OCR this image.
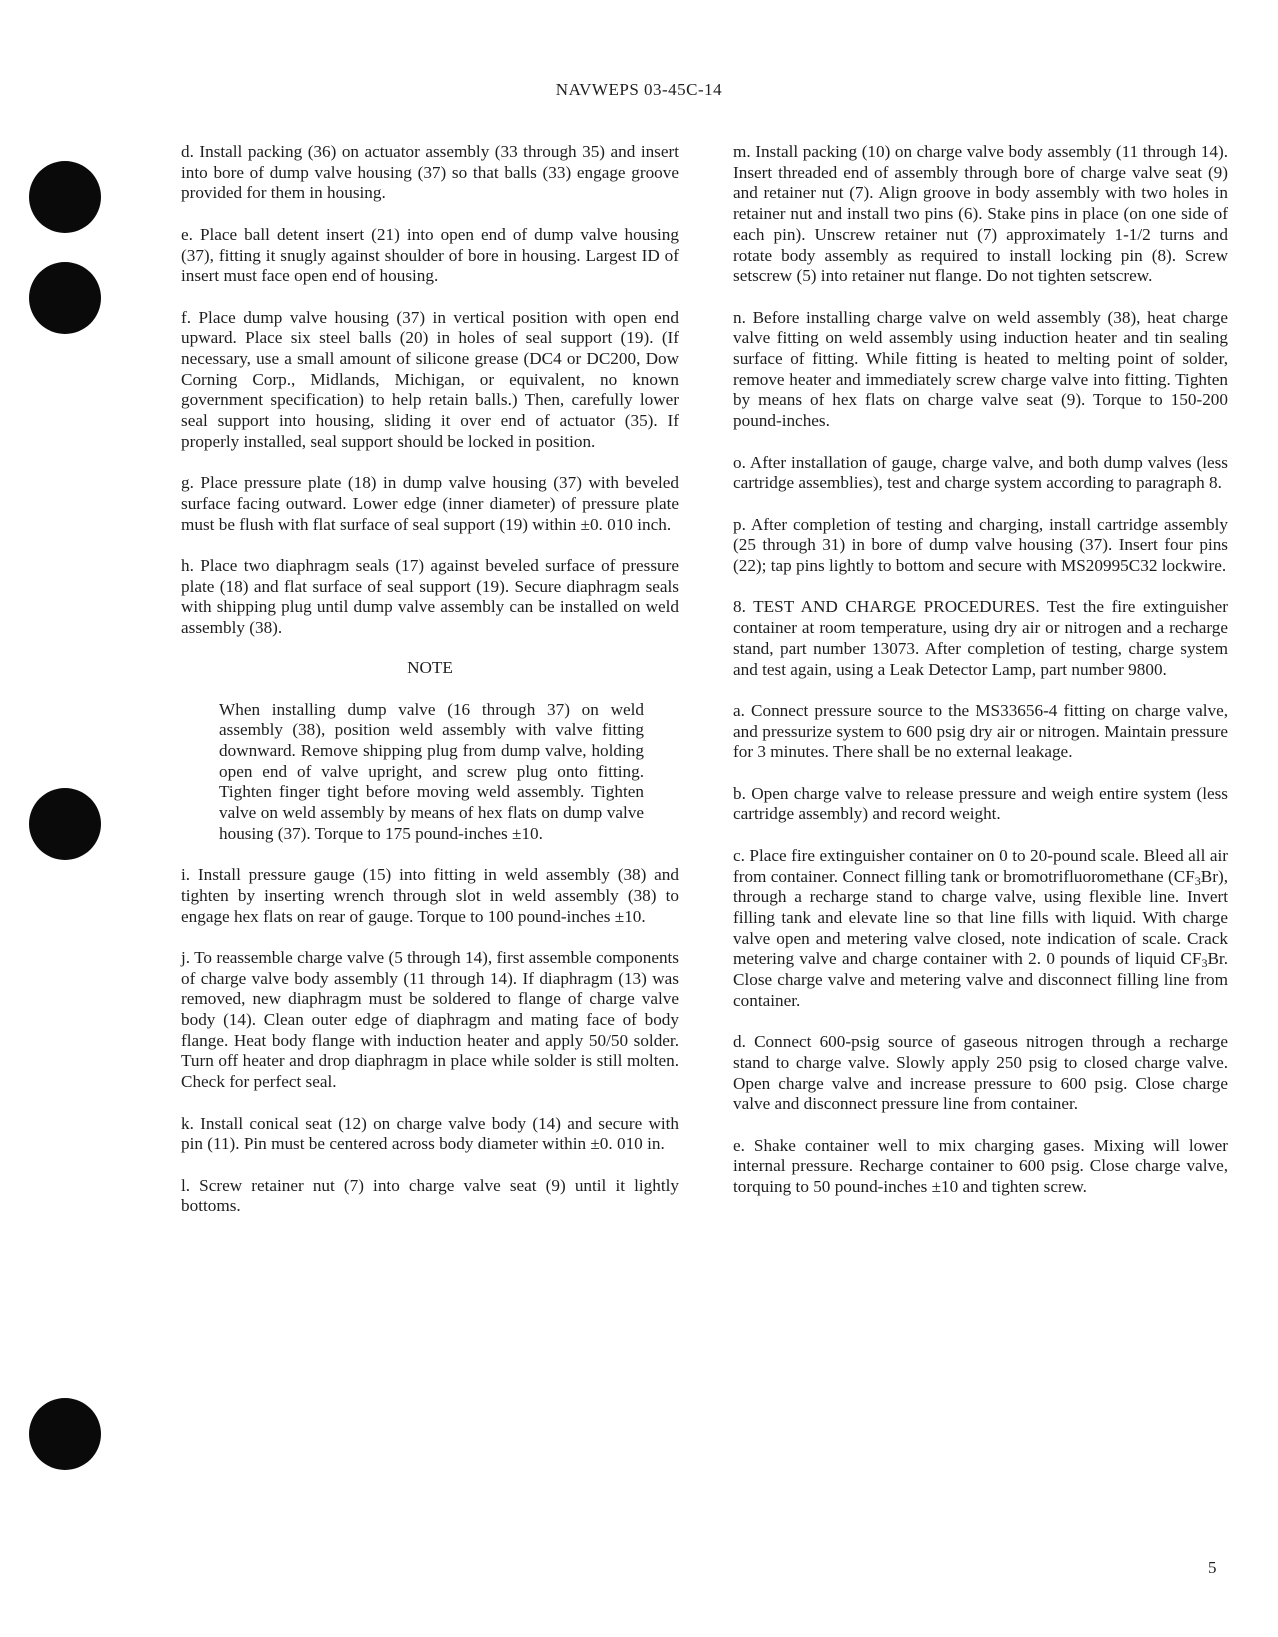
NAVWEPS 03-45C-14

d. Install packing (36) on actuator assembly (33 through 35) and insert into bore of dump valve housing (37) so that balls (33) engage groove provided for them in housing.

e. Place ball detent insert (21) into open end of dump valve housing (37), fitting it snugly against shoulder of bore in housing. Largest ID of insert must face open end of housing.

f. Place dump valve housing (37) in vertical position with open end upward. Place six steel balls (20) in holes of seal support (19). (If necessary, use a small amount of silicone grease (DC4 or DC200, Dow Corning Corp., Midlands, Michigan, or equivalent, no known government specification) to help retain balls.) Then, carefully lower seal support into housing, sliding it over end of actuator (35). If properly installed, seal support should be locked in position.

g. Place pressure plate (18) in dump valve housing (37) with beveled surface facing outward. Lower edge (inner diameter) of pressure plate must be flush with flat surface of seal support (19) within ±0. 010 inch.

h. Place two diaphragm seals (17) against beveled surface of pressure plate (18) and flat surface of seal support (19). Secure diaphragm seals with shipping plug until dump valve assembly can be installed on weld assembly (38).

NOTE

When installing dump valve (16 through 37) on weld assembly (38), position weld assembly with valve fitting downward. Remove shipping plug from dump valve, holding open end of valve upright, and screw plug onto fitting. Tighten finger tight before moving weld assembly. Tighten valve on weld assembly by means of hex flats on dump valve housing (37). Torque to 175 pound-inches ±10.

i. Install pressure gauge (15) into fitting in weld assembly (38) and tighten by inserting wrench through slot in weld assembly (38) to engage hex flats on rear of gauge. Torque to 100 pound-inches ±10.

j. To reassemble charge valve (5 through 14), first assemble components of charge valve body assembly (11 through 14). If diaphragm (13) was removed, new diaphragm must be soldered to flange of charge valve body (14). Clean outer edge of diaphragm and mating face of body flange. Heat body flange with induction heater and apply 50/50 solder. Turn off heater and drop diaphragm in place while solder is still molten. Check for perfect seal.

k. Install conical seat (12) on charge valve body (14) and secure with pin (11). Pin must be centered across body diameter within ±0. 010 in.

l. Screw retainer nut (7) into charge valve seat (9) until it lightly bottoms.

m. Install packing (10) on charge valve body assembly (11 through 14). Insert threaded end of assembly through bore of charge valve seat (9) and retainer nut (7). Align groove in body assembly with two holes in retainer nut and install two pins (6). Stake pins in place (on one side of each pin). Unscrew retainer nut (7) approximately 1-1/2 turns and rotate body assembly as required to install locking pin (8). Screw setscrew (5) into retainer nut flange. Do not tighten setscrew.

n. Before installing charge valve on weld assembly (38), heat charge valve fitting on weld assembly using induction heater and tin sealing surface of fitting. While fitting is heated to melting point of solder, remove heater and immediately screw charge valve into fitting. Tighten by means of hex flats on charge valve seat (9). Torque to 150-200 pound-inches.

o. After installation of gauge, charge valve, and both dump valves (less cartridge assemblies), test and charge system according to paragraph 8.

p. After completion of testing and charging, install cartridge assembly (25 through 31) in bore of dump valve housing (37). Insert four pins (22); tap pins lightly to bottom and secure with MS20995C32 lockwire.

8. TEST AND CHARGE PROCEDURES. Test the fire extinguisher container at room temperature, using dry air or nitrogen and a recharge stand, part number 13073. After completion of testing, charge system and test again, using a Leak Detector Lamp, part number 9800.

a. Connect pressure source to the MS33656-4 fitting on charge valve, and pressurize system to 600 psig dry air or nitrogen. Maintain pressure for 3 minutes. There shall be no external leakage.

b. Open charge valve to release pressure and weigh entire system (less cartridge assembly) and record weight.

c. Place fire extinguisher container on 0 to 20-pound scale. Bleed all air from container. Connect filling tank or bromotrifluoromethane $(CF_3Br)$, through a recharge stand to charge valve, using flexible line. Invert filling tank and elevate line so that line fills with liquid. With charge valve open and metering valve closed, note indication of scale. Crack metering valve and charge container with 2. 0 pounds of liquid $CF_3Br$. Close charge valve and metering valve and disconnect filling line from container.

d. Connect 600-psig source of gaseous nitrogen through a recharge stand to charge valve. Slowly apply 250 psig to closed charge valve. Open charge valve and increase pressure to 600 psig. Close charge valve and disconnect pressure line from container.

e. Shake container well to mix charging gases. Mixing will lower internal pressure. Recharge container to 600 psig. Close charge valve, torquing to 50 pound-inches ±10 and tighten screw.

5
